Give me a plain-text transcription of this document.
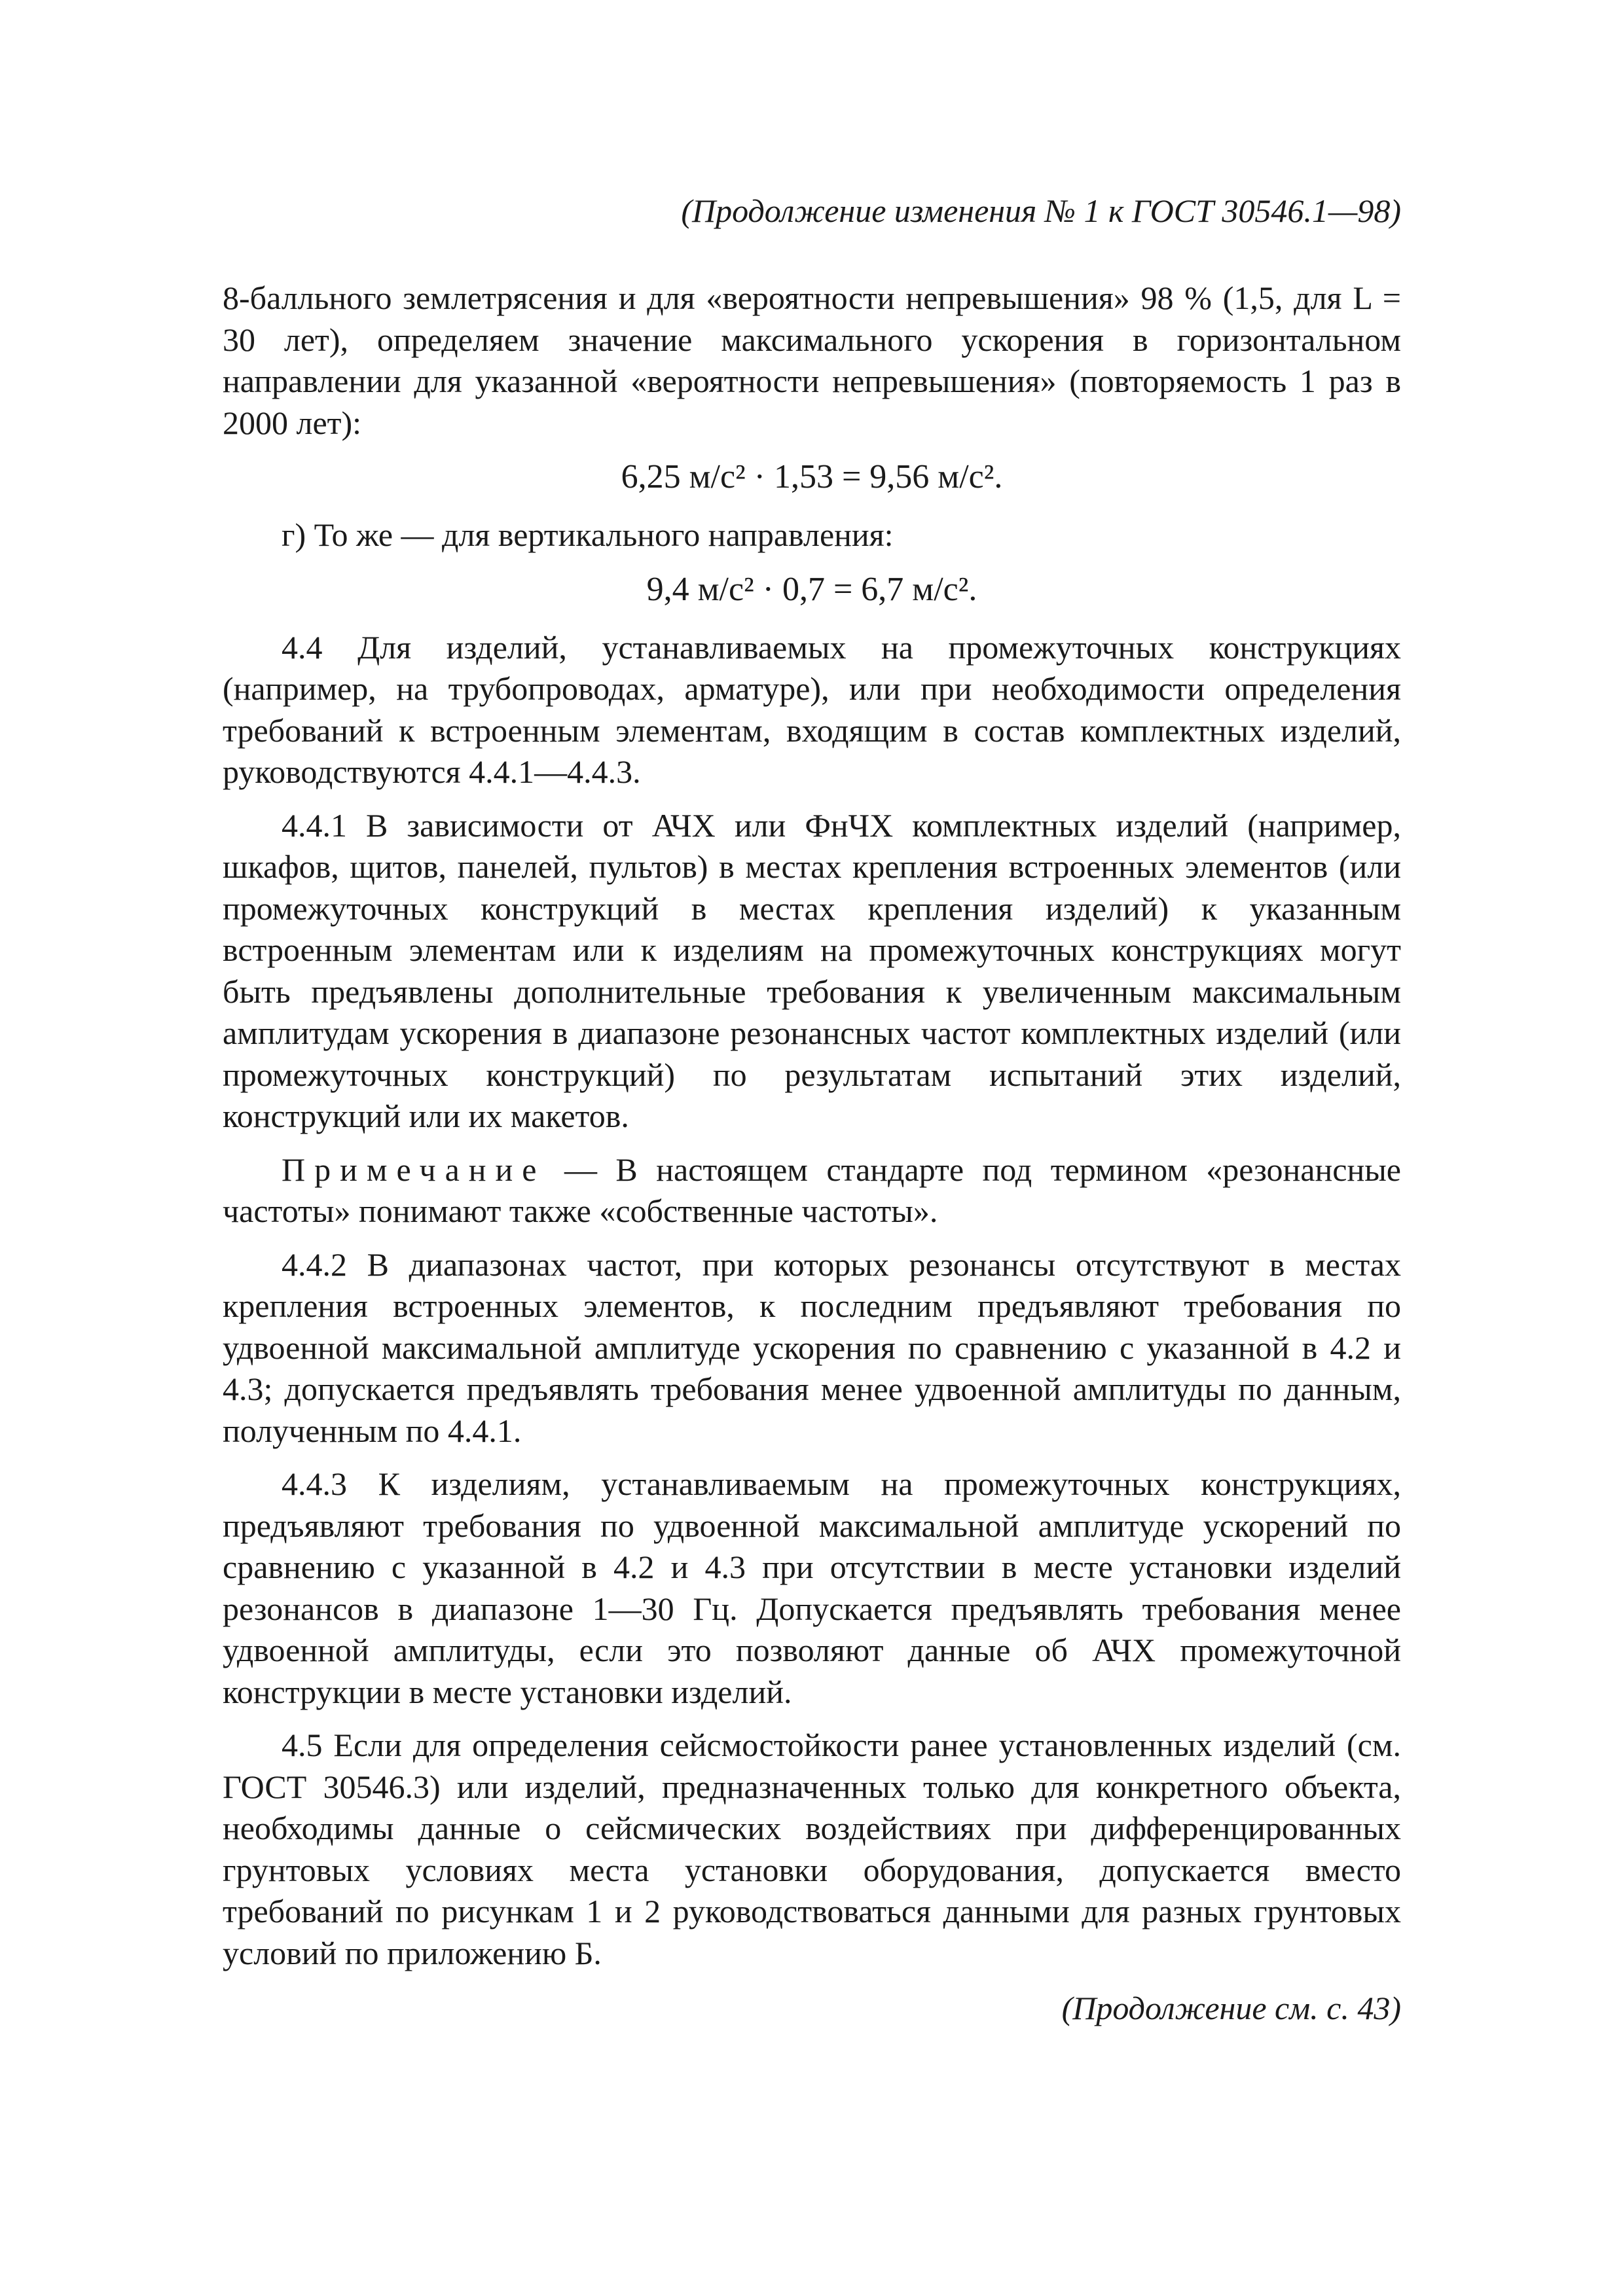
(Продолжение изменения № 1 к ГОСТ 30546.1—98)

8-балльного землетрясения и для «вероятности непревышения» 98 % (1,5, для L = 30 лет), определяем значение максимального ускорения в горизонтальном направлении для указанной «вероятности непревышения» (повторяемость 1 раз в 2000 лет):

6,25 м/с² · 1,53 = 9,56 м/с².

г) То же — для вертикального направления:

9,4 м/с² · 0,7 = 6,7 м/с².

4.4 Для изделий, устанавливаемых на промежуточных конструкциях (например, на трубопроводах, арматуре), или при необходимости определения требований к встроенным элементам, входящим в состав комплектных изделий, руководствуются 4.4.1—4.4.3.

4.4.1 В зависимости от АЧХ или ФнЧХ комплектных изделий (например, шкафов, щитов, панелей, пультов) в местах крепления встроенных элементов (или промежуточных конструкций в местах крепления изделий) к указанным встроенным элементам или к изделиям на промежуточных конструкциях могут быть предъявлены дополнительные требования к увеличенным максимальным амплитудам ускорения в диапазоне резонансных частот комплектных изделий (или промежуточных конструкций) по результатам испытаний этих изделий, конструкций или их макетов.

Примечание — В настоящем стандарте под термином «резонансные частоты» понимают также «собственные частоты».

4.4.2 В диапазонах частот, при которых резонансы отсутствуют в местах крепления встроенных элементов, к последним предъявляют требования по удвоенной максимальной амплитуде ускорения по сравнению с указанной в 4.2 и 4.3; допускается предъявлять требования менее удвоенной амплитуды по данным, полученным по 4.4.1.

4.4.3 К изделиям, устанавливаемым на промежуточных конструкциях, предъявляют требования по удвоенной максимальной амплитуде ускорений по сравнению с указанной в 4.2 и 4.3 при отсутствии в месте установки изделий резонансов в диапазоне 1—30 Гц. Допускается предъявлять требования менее удвоенной амплитуды, если это позволяют данные об АЧХ промежуточной конструкции в месте установки изделий.

4.5 Если для определения сейсмостойкости ранее установленных изделий (см. ГОСТ 30546.3) или изделий, предназначенных только для конкретного объекта, необходимы данные о сейсмических воздействиях при дифференцированных грунтовых условиях места установки оборудования, допускается вместо требований по рисункам 1 и 2 руководствоваться данными для разных грунтовых условий по приложению Б.

(Продолжение см. с. 43)
